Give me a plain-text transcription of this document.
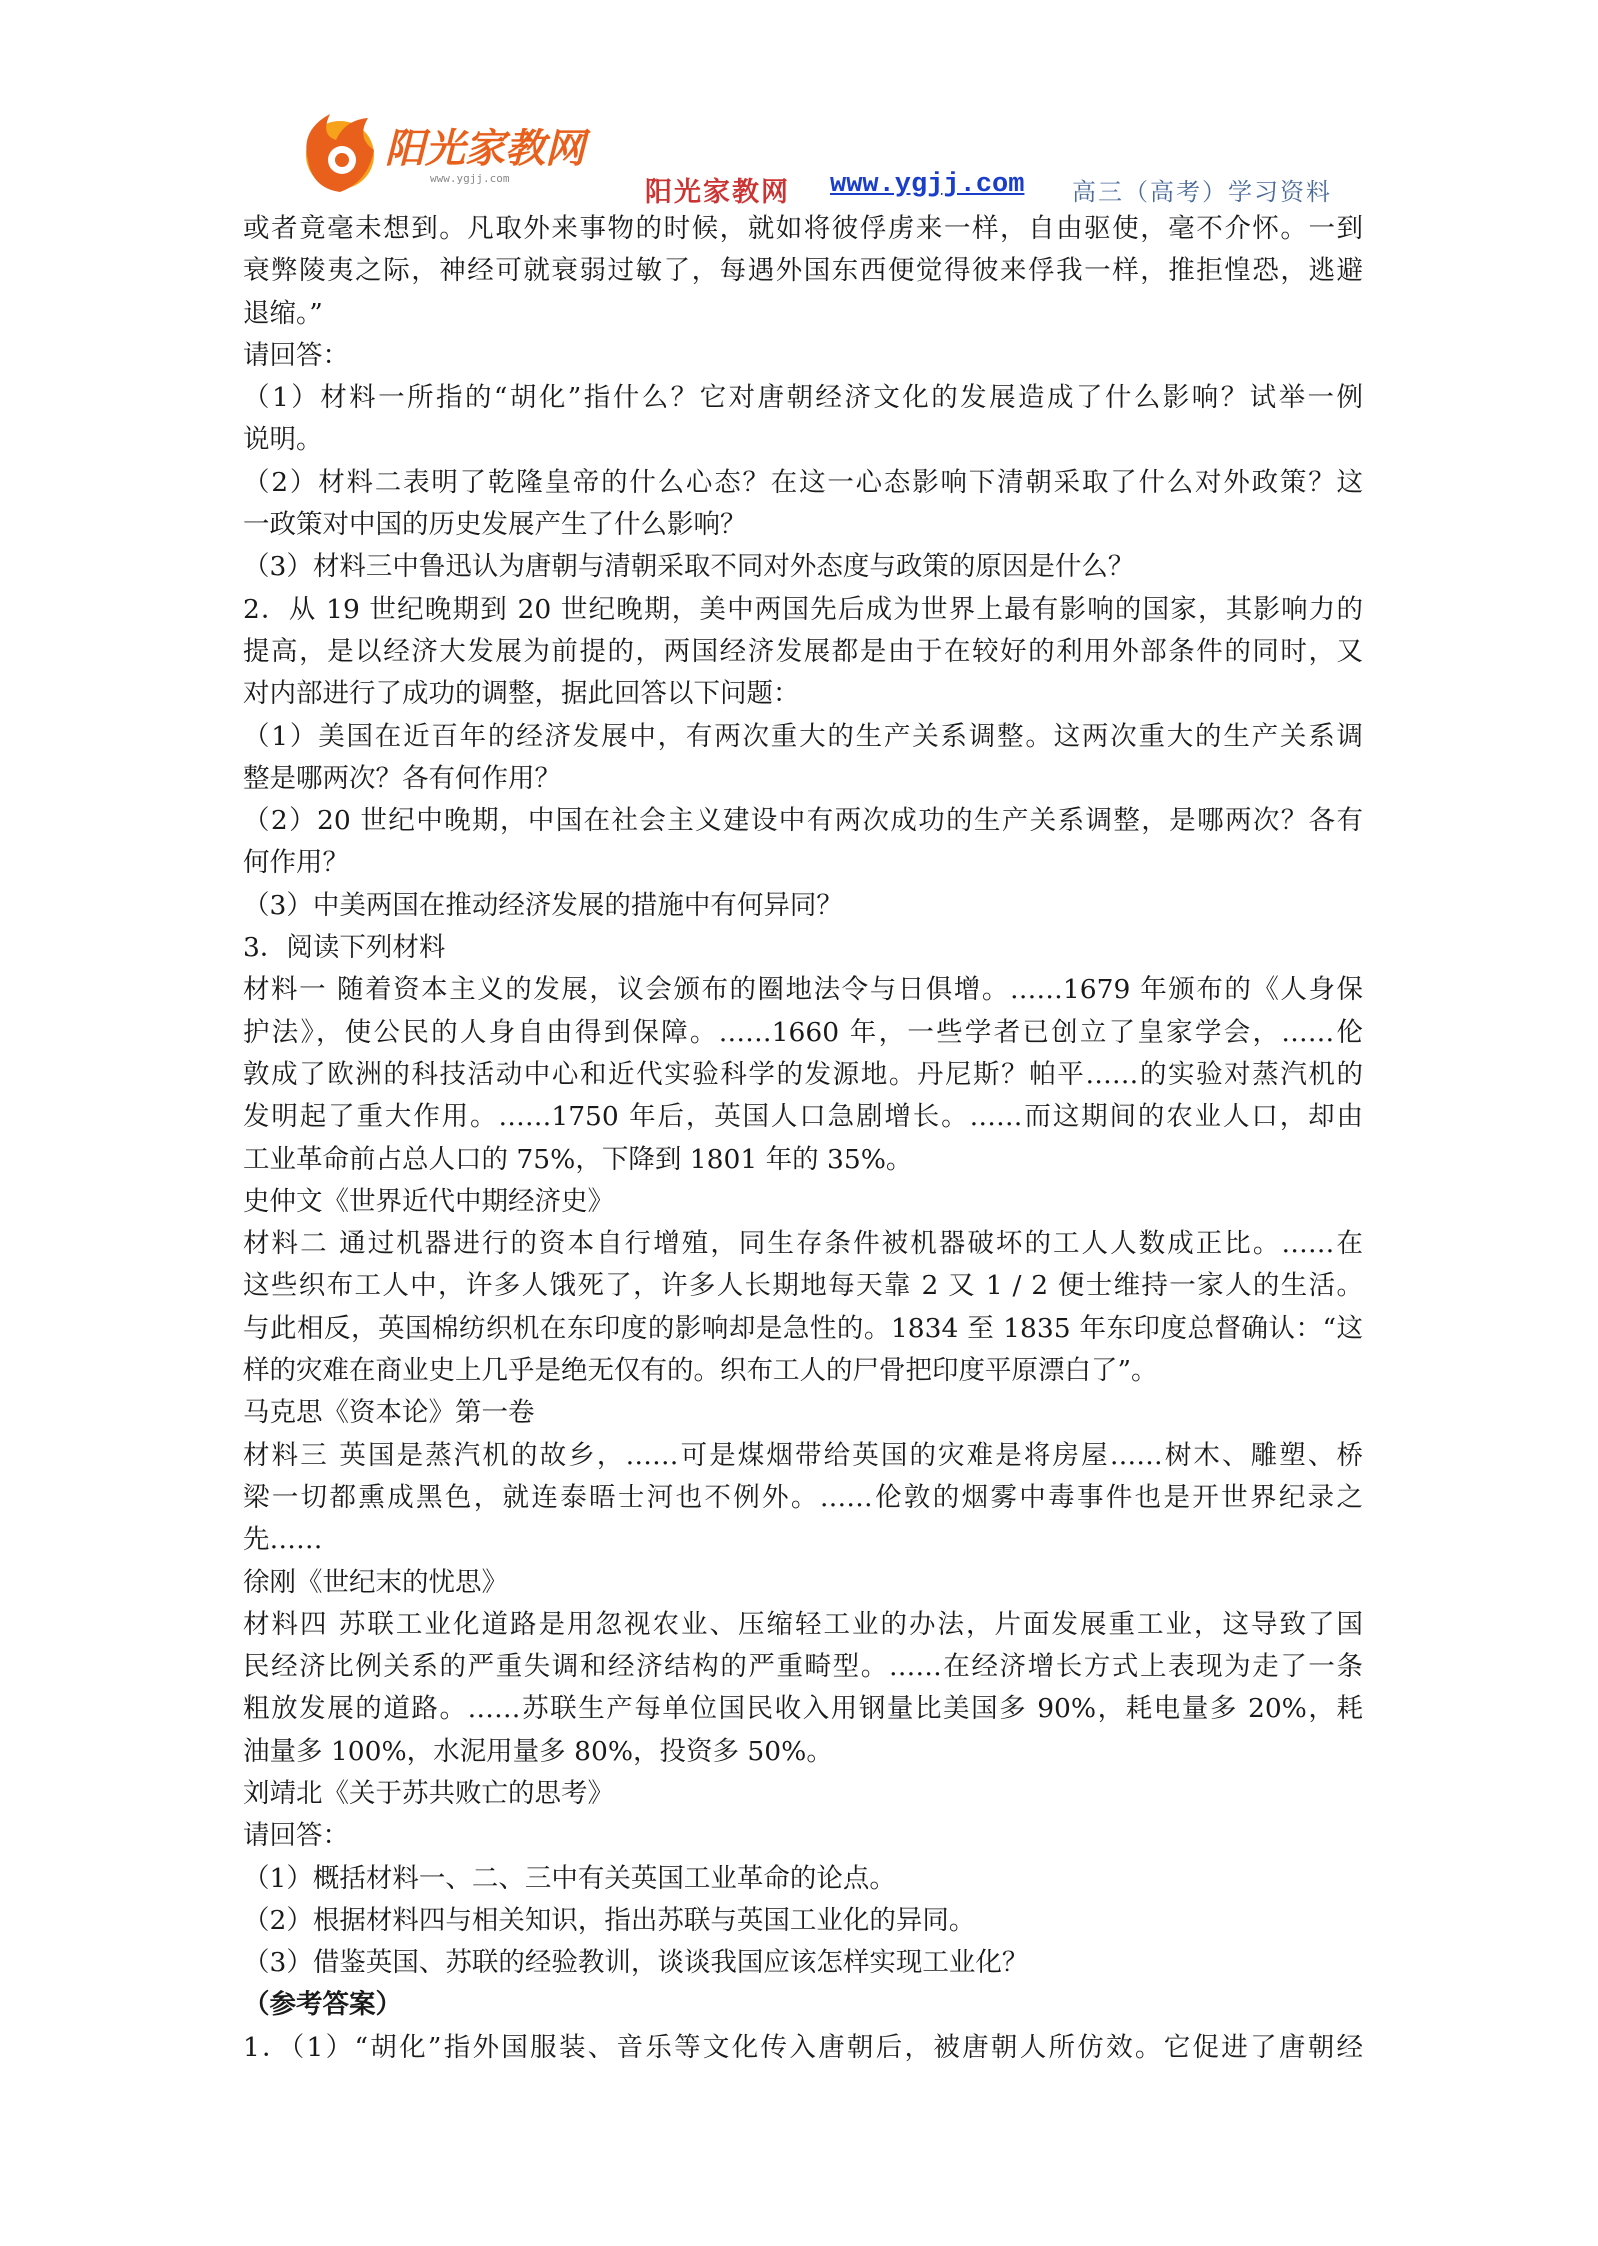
阳光家教网
www.ygjj.com	阳光家教网 www.ygjj.com 高三（高考）学习资料
或者竟毫未想到。凡取外来事物的时候，就如将彼俘虏来一样，自由驱使，毫不介怀。一到
衰弊陵夷之际，神经可就衰弱过敏了，每遇外国东西便觉得彼来俘我一样，推拒惶恐，逃避
退缩。”
请回答：
（1）材料一所指的“胡化”指什么？它对唐朝经济文化的发展造成了什么影响？试举一例
说明。
（2）材料二表明了乾隆皇帝的什么心态？在这一心态影响下清朝采取了什么对外政策？这
一政策对中国的历史发展产生了什么影响？
（3）材料三中鲁迅认为唐朝与清朝采取不同对外态度与政策的原因是什么？
2．从 19 世纪晚期到 20 世纪晚期，美中两国先后成为世界上最有影响的国家，其影响力的
提高，是以经济大发展为前提的，两国经济发展都是由于在较好的利用外部条件的同时，又
对内部进行了成功的调整，据此回答以下问题：
（1）美国在近百年的经济发展中，有两次重大的生产关系调整。这两次重大的生产关系调
整是哪两次？各有何作用？
（2）20 世纪中晚期，中国在社会主义建设中有两次成功的生产关系调整，是哪两次？各有
何作用？
（3）中美两国在推动经济发展的措施中有何异同？
3．阅读下列材料
材料一 随着资本主义的发展，议会颁布的圈地法令与日俱增。……1679 年颁布的《人身保
护法》，使公民的人身自由得到保障。……1660 年，一些学者已创立了皇家学会，……伦
敦成了欧洲的科技活动中心和近代实验科学的发源地。丹尼斯？帕平……的实验对蒸汽机的
发明起了重大作用。……1750 年后，英国人口急剧增长。……而这期间的农业人口，却由
工业革命前占总人口的 75%，下降到 1801 年的 35%。
史仲文《世界近代中期经济史》
材料二 通过机器进行的资本自行增殖，同生存条件被机器破坏的工人人数成正比。……在
这些织布工人中，许多人饿死了，许多人长期地每天靠 2 又 1 / 2 便士维持一家人的生活。
与此相反，英国棉纺织机在东印度的影响却是急性的。1834 至 1835 年东印度总督确认：“这
样的灾难在商业史上几乎是绝无仅有的。织布工人的尸骨把印度平原漂白了”。
马克思《资本论》第一卷
材料三 英国是蒸汽机的故乡，……可是煤烟带给英国的灾难是将房屋……树木、雕塑、桥
梁一切都熏成黑色，就连泰晤士河也不例外。……伦敦的烟雾中毒事件也是开世界纪录之
先……
徐刚《世纪末的忧思》
材料四 苏联工业化道路是用忽视农业、压缩轻工业的办法，片面发展重工业，这导致了国
民经济比例关系的严重失调和经济结构的严重畸型。……在经济增长方式上表现为走了一条
粗放发展的道路。……苏联生产每单位国民收入用钢量比美国多 90%，耗电量多 20%，耗
油量多 100%，水泥用量多 80%，投资多 50%。
刘靖北《关于苏共败亡的思考》
请回答：
（1）概括材料一、二、三中有关英国工业革命的论点。
（2）根据材料四与相关知识，指出苏联与英国工业化的异同。
（3）借鉴英国、苏联的经验教训，谈谈我国应该怎样实现工业化？
（参考答案）
1．（1）“胡化”指外国服装、音乐等文化传入唐朝后，被唐朝人所仿效。它促进了唐朝经
